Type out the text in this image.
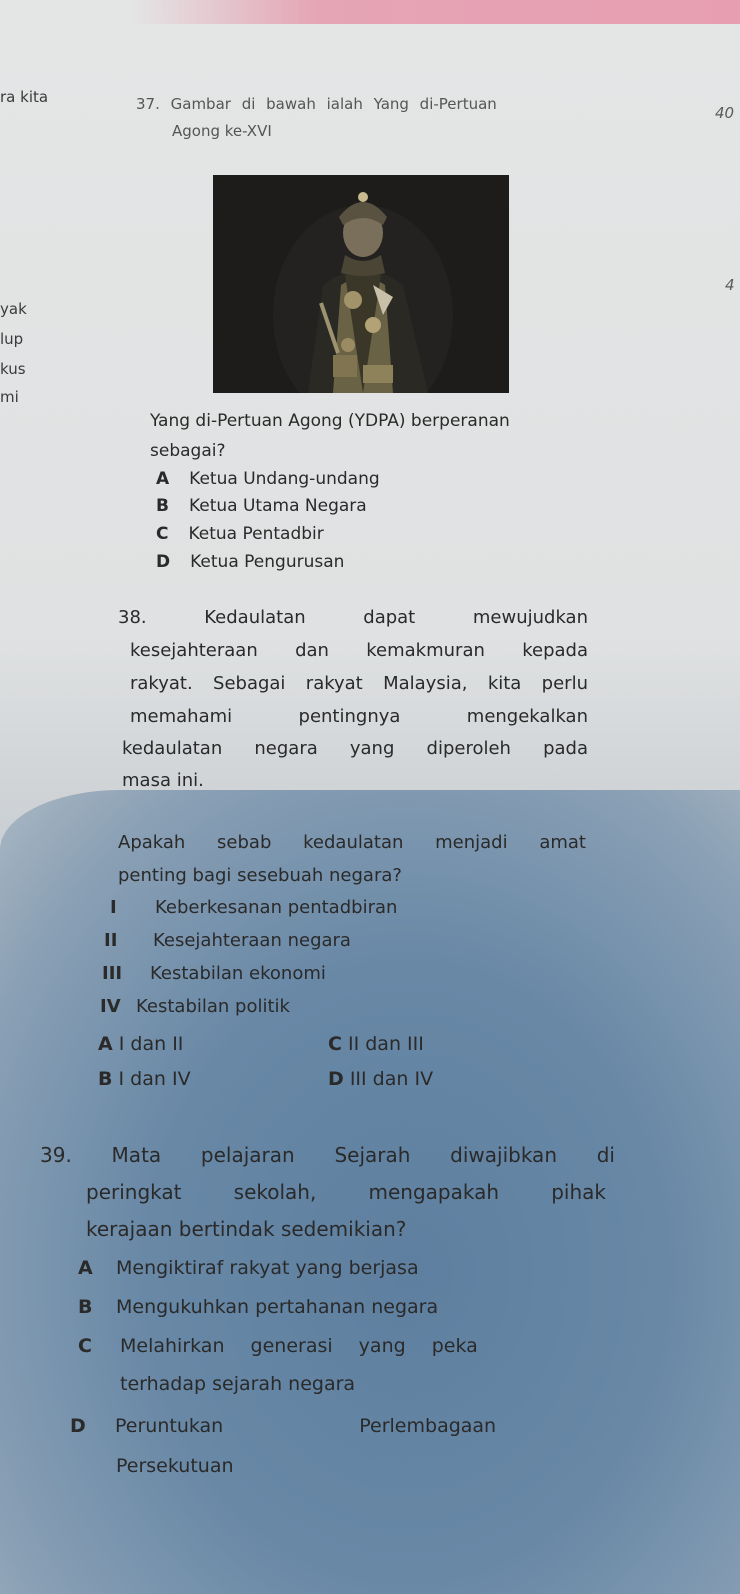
ra kita
yak
lup
kus
mi
40
4
37. Gambar di bawah ialah Yang di-Pertuan
Agong ke-XVI
Yang di-Pertuan Agong (YDPA) berperanan
sebagai?
A Ketua Undang-undang
B Ketua Utama Negara
C Ketua Pentadbir
D Ketua Pengurusan
38. Kedaulatan dapat mewujudkan
kesejahteraan dan kemakmuran kepada
rakyat. Sebagai rakyat Malaysia, kita perlu
memahami pentingnya mengekalkan
kedaulatan negara yang diperoleh pada
masa ini.
Apakah sebab kedaulatan menjadi amat
penting bagi sesebuah negara?
I Keberkesanan pentadbiran
II Kesejahteraan negara
III Kestabilan ekonomi
IV Kestabilan politik
A I dan II	C II dan III
B I dan IV	D III dan IV
39. Mata pelajaran Sejarah diwajibkan di
peringkat sekolah, mengapakah pihak
kerajaan bertindak sedemikian?
A Mengiktiraf rakyat yang berjasa
B Mengukuhkan pertahanan negara
C Melahirkan generasi yang peka
terhadap sejarah negara
D Peruntukan Perlembagaan
Persekutuan
